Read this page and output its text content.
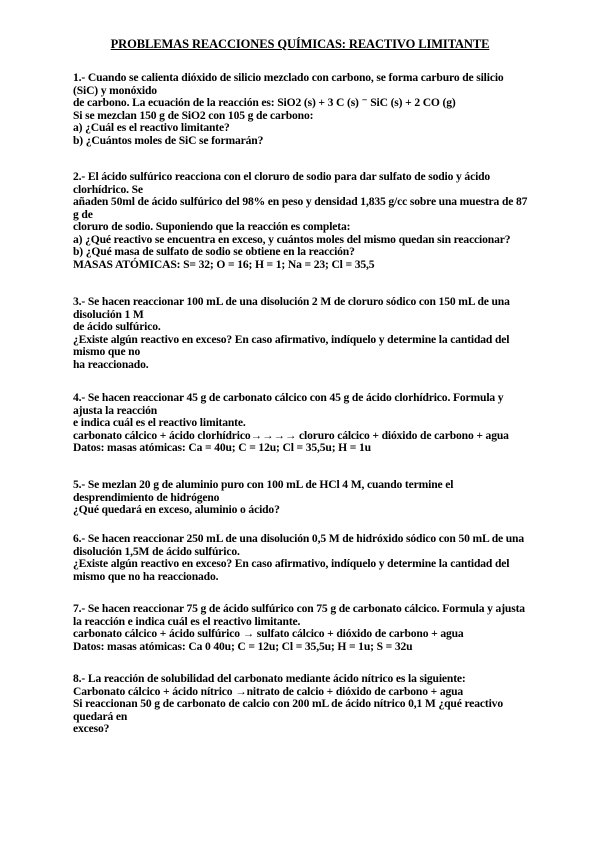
PROBLEMAS REACCIONES QUÍMICAS: REACTIVO LIMITANTE
1.- Cuando se calienta dióxido de silicio mezclado con carbono, se forma carburo de silicio
(SiC) y monóxido
de carbono. La ecuación de la reacción es: SiO2 (s) + 3 C (s) ⁻ SiC (s) + 2 CO (g)
Si se mezclan 150 g de SiO2 con 105 g de carbono:
a) ¿Cuál es el reactivo limitante?
b) ¿Cuántos moles de SiC se formarán?
2.- El ácido sulfúrico reacciona con el cloruro de sodio para dar sulfato de sodio y ácido
clorhídrico. Se
añaden 50ml de ácido sulfúrico del 98% en peso y densidad 1,835 g/cc sobre una muestra de 87
g de
cloruro de sodio. Suponiendo que la reacción es completa:
a) ¿Qué reactivo se encuentra en exceso, y cuántos moles del mismo quedan sin reaccionar?
b) ¿Qué masa de sulfato de sodio se obtiene en la reacción?
MASAS ATÓMICAS: S= 32; O = 16; H = 1; Na = 23; Cl = 35,5
3.- Se hacen reaccionar 100 mL de una disolución 2 M de cloruro sódico con 150 mL de una
disolución 1 M
de ácido sulfúrico.
¿Existe algún reactivo en exceso? En caso afirmativo, indíquelo y determine la cantidad del
mismo que no
ha reaccionado.
4.- Se hacen reaccionar 45 g de carbonato cálcico con 45 g de ácido clorhídrico. Formula y
ajusta la reacción
e indica cuál es el reactivo limitante.
carbonato cálcico + ácido clorhídrico→→→→ cloruro cálcico + dióxido de carbono + agua
Datos: masas atómicas: Ca = 40u; C = 12u; Cl = 35,5u; H = 1u
5.- Se mezlan 20 g de aluminio puro con 100 mL de HCl 4 M, cuando termine el
desprendimiento de hidrógeno
¿Qué quedará en exceso, aluminio o ácido?
6.- Se hacen reaccionar 250 mL de una disolución 0,5 M de hidróxido sódico con 50 mL de una
disolución 1,5M de ácido sulfúrico.
¿Existe algún reactivo en exceso? En caso afirmativo, indíquelo y determine la cantidad del
mismo que no ha reaccionado.
7.- Se hacen reaccionar 75 g de ácido sulfúrico con 75 g de carbonato cálcico. Formula y ajusta
la reacción e indica cuál es el reactivo limitante.
carbonato cálcico + ácido sulfúrico → sulfato cálcico + dióxido de carbono + agua
Datos: masas atómicas: Ca 0 40u; C = 12u; Cl = 35,5u; H = 1u; S = 32u
8.- La reacción de solubilidad del carbonato mediante ácido nítrico es la siguiente:
Carbonato cálcico + ácido nítrico →nitrato de calcio + dióxido de carbono + agua
Si reaccionan 50 g de carbonato de calcio con 200 mL de ácido nítrico 0,1 M ¿qué reactivo
quedará en
exceso?
